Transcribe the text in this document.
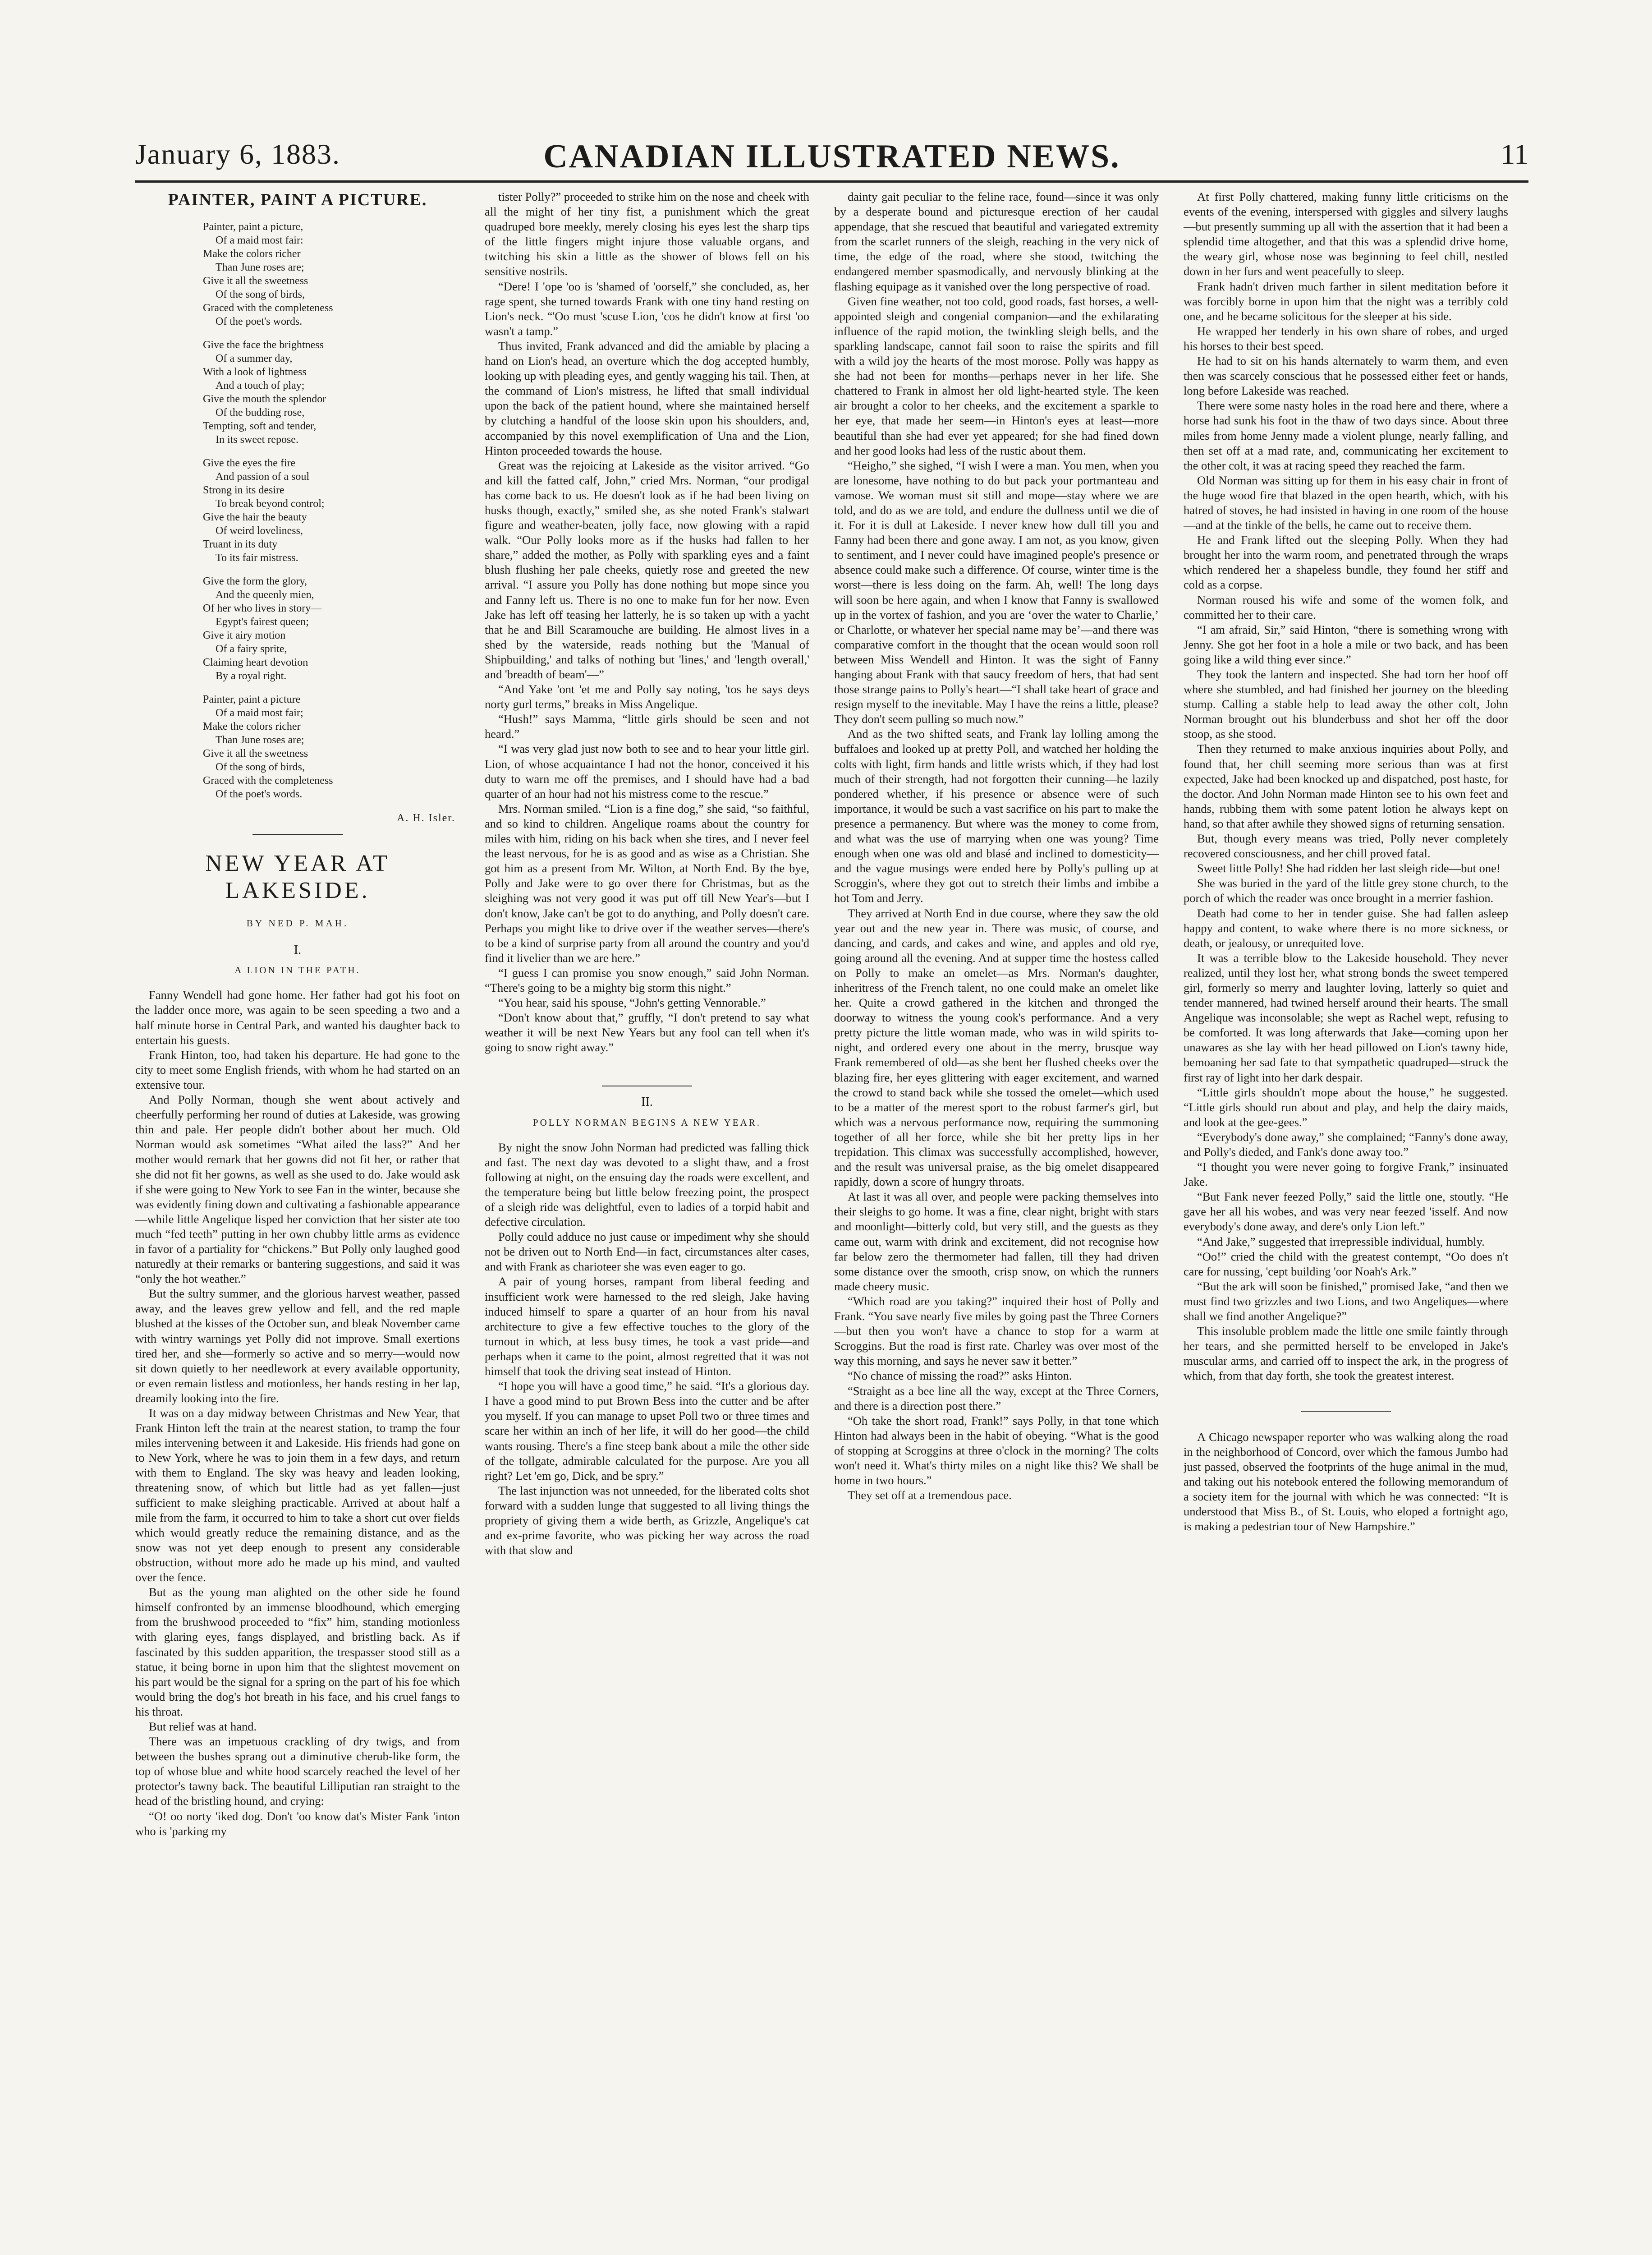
January 6, 1883.	CANADIAN ILLUSTRATED NEWS.	11
PAINTER, PAINT A PICTURE.
Painter, paint a picture,
Of a maid most fair:
Make the colors richer
Than June roses are;
Give it all the sweetness
Of the song of birds,
Graced with the completeness
Of the poet's words.
Give the face the brightness
Of a summer day,
With a look of lightness
And a touch of play;
Give the mouth the splendor
Of the budding rose,
Tempting, soft and tender,
In its sweet repose.
Give the eyes the fire
And passion of a soul
Strong in its desire
To break beyond control;
Give the hair the beauty
Of weird loveliness,
Truant in its duty
To its fair mistress.
Give the form the glory,
And the queenly mien,
Of her who lives in story—
Egypt's fairest queen;
Give it airy motion
Of a fairy sprite,
Claiming heart devotion
By a royal right.
Painter, paint a picture
Of a maid most fair;
Make the colors richer
Than June roses are;
Give it all the sweetness
Of the song of birds,
Graced with the completeness
Of the poet's words.
A. H. Isler.
NEW YEAR AT LAKESIDE.
BY NED P. MAH.
I.
A LION IN THE PATH.

Fanny Wendell had gone home. Her father had got his foot on the ladder once more, was again to be seen speeding a two and a half minute horse in Central Park, and wanted his daughter back to entertain his guests.

Frank Hinton, too, had taken his departure. He had gone to the city to meet some English friends, with whom he had started on an extensive tour.

And Polly Norman, though she went about actively and cheerfully performing her round of duties at Lakeside, was growing thin and pale. Her people didn't bother about her much. Old Norman would ask sometimes “What ailed the lass?” And her mother would remark that her gowns did not fit her, or rather that she did not fit her gowns, as well as she used to do. Jake would ask if she were going to New York to see Fan in the winter, because she was evidently fining down and cultivating a fashionable appearance—while little Angelique lisped her conviction that her sister ate too much “fed teeth” putting in her own chubby little arms as evidence in favor of a partiality for “chickens.” But Polly only laughed good naturedly at their remarks or bantering suggestions, and said it was “only the hot weather.”

But the sultry summer, and the glorious harvest weather, passed away, and the leaves grew yellow and fell, and the red maple blushed at the kisses of the October sun, and bleak November came with wintry warnings yet Polly did not improve. Small exertions tired her, and she—formerly so active and so merry—would now sit down quietly to her needlework at every available opportunity, or even remain listless and motionless, her hands resting in her lap, dreamily looking into the fire.

It was on a day midway between Christmas and New Year, that Frank Hinton left the train at the nearest station, to tramp the four miles intervening between it and Lakeside. His friends had gone on to New York, where he was to join them in a few days, and return with them to England. The sky was heavy and leaden looking, threatening snow, of which but little had as yet fallen—just sufficient to make sleighing practicable. Arrived at about half a mile from the farm, it occurred to him to take a short cut over fields which would greatly reduce the remaining distance, and as the snow was not yet deep enough to present any considerable obstruction, without more ado he made up his mind, and vaulted over the fence.

But as the young man alighted on the other side he found himself confronted by an immense bloodhound, which emerging from the brushwood proceeded to “fix” him, standing motionless with glaring eyes, fangs displayed, and bristling back. As if fascinated by this sudden apparition, the trespasser stood still as a statue, it being borne in upon him that the slightest movement on his part would be the signal for a spring on the part of his foe which would bring the dog's hot breath in his face, and his cruel fangs to his throat.

But relief was at hand.

There was an impetuous crackling of dry twigs, and from between the bushes sprang out a diminutive cherub-like form, the top of whose blue and white hood scarcely reached the level of her protector's tawny back. The beautiful Lilliputian ran straight to the head of the bristling hound, and crying:

“O! oo norty 'iked dog. Don't 'oo know dat's Mister Fank 'inton who is 'parking my

tister Polly?” proceeded to strike him on the nose and cheek with all the might of her tiny fist, a punishment which the great quadruped bore meekly, merely closing his eyes lest the sharp tips of the little fingers might injure those valuable organs, and twitching his skin a little as the shower of blows fell on his sensitive nostrils.

“Dere! I 'ope 'oo is 'shamed of 'oorself,” she concluded, as, her rage spent, she turned towards Frank with one tiny hand resting on Lion's neck. “'Oo must 'scuse Lion, 'cos he didn't know at first 'oo wasn't a tamp.”

Thus invited, Frank advanced and did the amiable by placing a hand on Lion's head, an overture which the dog accepted humbly, looking up with pleading eyes, and gently wagging his tail. Then, at the command of Lion's mistress, he lifted that small individual upon the back of the patient hound, where she maintained herself by clutching a handful of the loose skin upon his shoulders, and, accompanied by this novel exemplification of Una and the Lion, Hinton proceeded towards the house.

Great was the rejoicing at Lakeside as the visitor arrived. “Go and kill the fatted calf, John,” cried Mrs. Norman, “our prodigal has come back to us. He doesn't look as if he had been living on husks though, exactly,” smiled she, as she noted Frank's stalwart figure and weather-beaten, jolly face, now glowing with a rapid walk. “Our Polly looks more as if the husks had fallen to her share,” added the mother, as Polly with sparkling eyes and a faint blush flushing her pale cheeks, quietly rose and greeted the new arrival. “I assure you Polly has done nothing but mope since you and Fanny left us. There is no one to make fun for her now. Even Jake has left off teasing her latterly, he is so taken up with a yacht that he and Bill Scaramouche are building. He almost lives in a shed by the waterside, reads nothing but the 'Manual of Shipbuilding,' and talks of nothing but 'lines,' and 'length overall,' and 'breadth of beam'—”

“And Yake 'ont 'et me and Polly say noting, 'tos he says deys norty gurl terms,” breaks in Miss Angelique.

“Hush!” says Mamma, “little girls should be seen and not heard.”

“I was very glad just now both to see and to hear your little girl. Lion, of whose acquaintance I had not the honor, conceived it his duty to warn me off the premises, and I should have had a bad quarter of an hour had not his mistress come to the rescue.”

Mrs. Norman smiled. “Lion is a fine dog,” she said, “so faithful, and so kind to children. Angelique roams about the country for miles with him, riding on his back when she tires, and I never feel the least nervous, for he is as good and as wise as a Christian. She got him as a present from Mr. Wilton, at North End. By the bye, Polly and Jake were to go over there for Christmas, but as the sleighing was not very good it was put off till New Year's—but I don't know, Jake can't be got to do anything, and Polly doesn't care. Perhaps you might like to drive over if the weather serves—there's to be a kind of surprise party from all around the country and you'd find it livelier than we are here.”

“I guess I can promise you snow enough,” said John Norman. “There's going to be a mighty big storm this night.”

“You hear, said his spouse, “John's getting Vennorable.”

“Don't know about that,” gruffly, “I don't pretend to say what weather it will be next New Years but any fool can tell when it's going to snow right away.”

II.
POLLY NORMAN BEGINS A NEW YEAR.

By night the snow John Norman had predicted was falling thick and fast. The next day was devoted to a slight thaw, and a frost following at night, on the ensuing day the roads were excellent, and the temperature being but little below freezing point, the prospect of a sleigh ride was delightful, even to ladies of a torpid habit and defective circulation.

Polly could adduce no just cause or impediment why she should not be driven out to North End—in fact, circumstances alter cases, and with Frank as charioteer she was even eager to go.

A pair of young horses, rampant from liberal feeding and insufficient work were harnessed to the red sleigh, Jake having induced himself to spare a quarter of an hour from his naval architecture to give a few effective touches to the glory of the turnout in which, at less busy times, he took a vast pride—and perhaps when it came to the point, almost regretted that it was not himself that took the driving seat instead of Hinton.

“I hope you will have a good time,” he said. “It's a glorious day. I have a good mind to put Brown Bess into the cutter and be after you myself. If you can manage to upset Poll two or three times and scare her within an inch of her life, it will do her good—the child wants rousing. There's a fine steep bank about a mile the other side of the tollgate, admirable calculated for the purpose. Are you all right? Let 'em go, Dick, and be spry.”

The last injunction was not unneeded, for the liberated colts shot forward with a sudden lunge that suggested to all living things the propriety of giving them a wide berth, as Grizzle, Angelique's cat and ex-prime favorite, who was picking her way across the road with that slow and

dainty gait peculiar to the feline race, found—since it was only by a desperate bound and picturesque erection of her caudal appendage, that she rescued that beautiful and variegated extremity from the scarlet runners of the sleigh, reaching in the very nick of time, the edge of the road, where she stood, twitching the endangered member spasmodically, and nervously blinking at the flashing equipage as it vanished over the long perspective of road.

Given fine weather, not too cold, good roads, fast horses, a well-appointed sleigh and congenial companion—and the exhilarating influence of the rapid motion, the twinkling sleigh bells, and the sparkling landscape, cannot fail soon to raise the spirits and fill with a wild joy the hearts of the most morose. Polly was happy as she had not been for months—perhaps never in her life. She chattered to Frank in almost her old light-hearted style. The keen air brought a color to her cheeks, and the excitement a sparkle to her eye, that made her seem—in Hinton's eyes at least—more beautiful than she had ever yet appeared; for she had fined down and her good looks had less of the rustic about them.

“Heigho,” she sighed, “I wish I were a man. You men, when you are lonesome, have nothing to do but pack your portmanteau and vamose. We woman must sit still and mope—stay where we are told, and do as we are told, and endure the dullness until we die of it. For it is dull at Lakeside. I never knew how dull till you and Fanny had been there and gone away. I am not, as you know, given to sentiment, and I never could have imagined people's presence or absence could make such a difference. Of course, winter time is the worst—there is less doing on the farm. Ah, well! The long days will soon be here again, and when I know that Fanny is swallowed up in the vortex of fashion, and you are ‘over the water to Charlie,’ or Charlotte, or whatever her special name may be’—and there was comparative comfort in the thought that the ocean would soon roll between Miss Wendell and Hinton. It was the sight of Fanny hanging about Frank with that saucy freedom of hers, that had sent those strange pains to Polly's heart—“I shall take heart of grace and resign myself to the inevitable. May I have the reins a little, please? They don't seem pulling so much now.”

And as the two shifted seats, and Frank lay lolling among the buffaloes and looked up at pretty Poll, and watched her holding the colts with light, firm hands and little wrists which, if they had lost much of their strength, had not forgotten their cunning—he lazily pondered whether, if his presence or absence were of such importance, it would be such a vast sacrifice on his part to make the presence a permanency. But where was the money to come from, and what was the use of marrying when one was young? Time enough when one was old and blasé and inclined to domesticity—and the vague musings were ended here by Polly's pulling up at Scroggin's, where they got out to stretch their limbs and imbibe a hot Tom and Jerry.

They arrived at North End in due course, where they saw the old year out and the new year in. There was music, of course, and dancing, and cards, and cakes and wine, and apples and old rye, going around all the evening. And at supper time the hostess called on Polly to make an omelet—as Mrs. Norman's daughter, inheritress of the French talent, no one could make an omelet like her. Quite a crowd gathered in the kitchen and thronged the doorway to witness the young cook's performance. And a very pretty picture the little woman made, who was in wild spirits to-night, and ordered every one about in the merry, brusque way Frank remembered of old—as she bent her flushed cheeks over the blazing fire, her eyes glittering with eager excitement, and warned the crowd to stand back while she tossed the omelet—which used to be a matter of the merest sport to the robust farmer's girl, but which was a nervous performance now, requiring the summoning together of all her force, while she bit her pretty lips in her trepidation. This climax was successfully accomplished, however, and the result was universal praise, as the big omelet disappeared rapidly, down a score of hungry throats.

At last it was all over, and people were packing themselves into their sleighs to go home. It was a fine, clear night, bright with stars and moonlight—bitterly cold, but very still, and the guests as they came out, warm with drink and excitement, did not recognise how far below zero the thermometer had fallen, till they had driven some distance over the smooth, crisp snow, on which the runners made cheery music.

“Which road are you taking?” inquired their host of Polly and Frank. “You save nearly five miles by going past the Three Corners—but then you won't have a chance to stop for a warm at Scroggins. But the road is first rate. Charley was over most of the way this morning, and says he never saw it better.”

“No chance of missing the road?” asks Hinton.

“Straight as a bee line all the way, except at the Three Corners, and there is a direction post there.”

“Oh take the short road, Frank!” says Polly, in that tone which Hinton had always been in the habit of obeying. “What is the good of stopping at Scroggins at three o'clock in the morning? The colts won't need it. What's thirty miles on a night like this? We shall be home in two hours.”

They set off at a tremendous pace.

At first Polly chattered, making funny little criticisms on the events of the evening, interspersed with giggles and silvery laughs—but presently summing up all with the assertion that it had been a splendid time altogether, and that this was a splendid drive home, the weary girl, whose nose was beginning to feel chill, nestled down in her furs and went peacefully to sleep.

Frank hadn't driven much farther in silent meditation before it was forcibly borne in upon him that the night was a terribly cold one, and he became solicitous for the sleeper at his side.

He wrapped her tenderly in his own share of robes, and urged his horses to their best speed.

He had to sit on his hands alternately to warm them, and even then was scarcely conscious that he possessed either feet or hands, long before Lakeside was reached.

There were some nasty holes in the road here and there, where a horse had sunk his foot in the thaw of two days since. About three miles from home Jenny made a violent plunge, nearly falling, and then set off at a mad rate, and, communicating her excitement to the other colt, it was at racing speed they reached the farm.

Old Norman was sitting up for them in his easy chair in front of the huge wood fire that blazed in the open hearth, which, with his hatred of stoves, he had insisted in having in one room of the house—and at the tinkle of the bells, he came out to receive them.

He and Frank lifted out the sleeping Polly. When they had brought her into the warm room, and penetrated through the wraps which rendered her a shapeless bundle, they found her stiff and cold as a corpse.

Norman roused his wife and some of the women folk, and committed her to their care.

“I am afraid, Sir,” said Hinton, “there is something wrong with Jenny. She got her foot in a hole a mile or two back, and has been going like a wild thing ever since.”

They took the lantern and inspected. She had torn her hoof off where she stumbled, and had finished her journey on the bleeding stump. Calling a stable help to lead away the other colt, John Norman brought out his blunderbuss and shot her off the door stoop, as she stood.

Then they returned to make anxious inquiries about Polly, and found that, her chill seeming more serious than was at first expected, Jake had been knocked up and dispatched, post haste, for the doctor. And John Norman made Hinton see to his own feet and hands, rubbing them with some patent lotion he always kept on hand, so that after awhile they showed signs of returning sensation.

But, though every means was tried, Polly never completely recovered consciousness, and her chill proved fatal.

Sweet little Polly! She had ridden her last sleigh ride—but one!

She was buried in the yard of the little grey stone church, to the porch of which the reader was once brought in a merrier fashion.

Death had come to her in tender guise. She had fallen asleep happy and content, to wake where there is no more sickness, or death, or jealousy, or unrequited love.

It was a terrible blow to the Lakeside household. They never realized, until they lost her, what strong bonds the sweet tempered girl, formerly so merry and laughter loving, latterly so quiet and tender mannered, had twined herself around their hearts. The small Angelique was inconsolable; she wept as Rachel wept, refusing to be comforted. It was long afterwards that Jake—coming upon her unawares as she lay with her head pillowed on Lion's tawny hide, bemoaning her sad fate to that sympathetic quadruped—struck the first ray of light into her dark despair.

“Little girls shouldn't mope about the house,” he suggested. “Little girls should run about and play, and help the dairy maids, and look at the gee-gees.”

“Everybody's done away,” she complained; “Fanny's done away, and Polly's dieded, and Fank's done away too.”

“I thought you were never going to forgive Frank,” insinuated Jake.

“But Fank never feezed Polly,” said the little one, stoutly. “He gave her all his wobes, and was very near feezed 'isself. And now everybody's done away, and dere's only Lion left.”

“And Jake,” suggested that irrepressible individual, humbly.

“Oo!” cried the child with the greatest contempt, “Oo does n't care for nussing, 'cept building 'oor Noah's Ark.”

“But the ark will soon be finished,” promised Jake, “and then we must find two grizzles and two Lions, and two Angeliques—where shall we find another Angelique?”

This insoluble problem made the little one smile faintly through her tears, and she permitted herself to be enveloped in Jake's muscular arms, and carried off to inspect the ark, in the progress of which, from that day forth, she took the greatest interest.

A Chicago newspaper reporter who was walking along the road in the neighborhood of Concord, over which the famous Jumbo had just passed, observed the footprints of the huge animal in the mud, and taking out his notebook entered the following memorandum of a society item for the journal with which he was connected: “It is understood that Miss B., of St. Louis, who eloped a fortnight ago, is making a pedestrian tour of New Hampshire.”
